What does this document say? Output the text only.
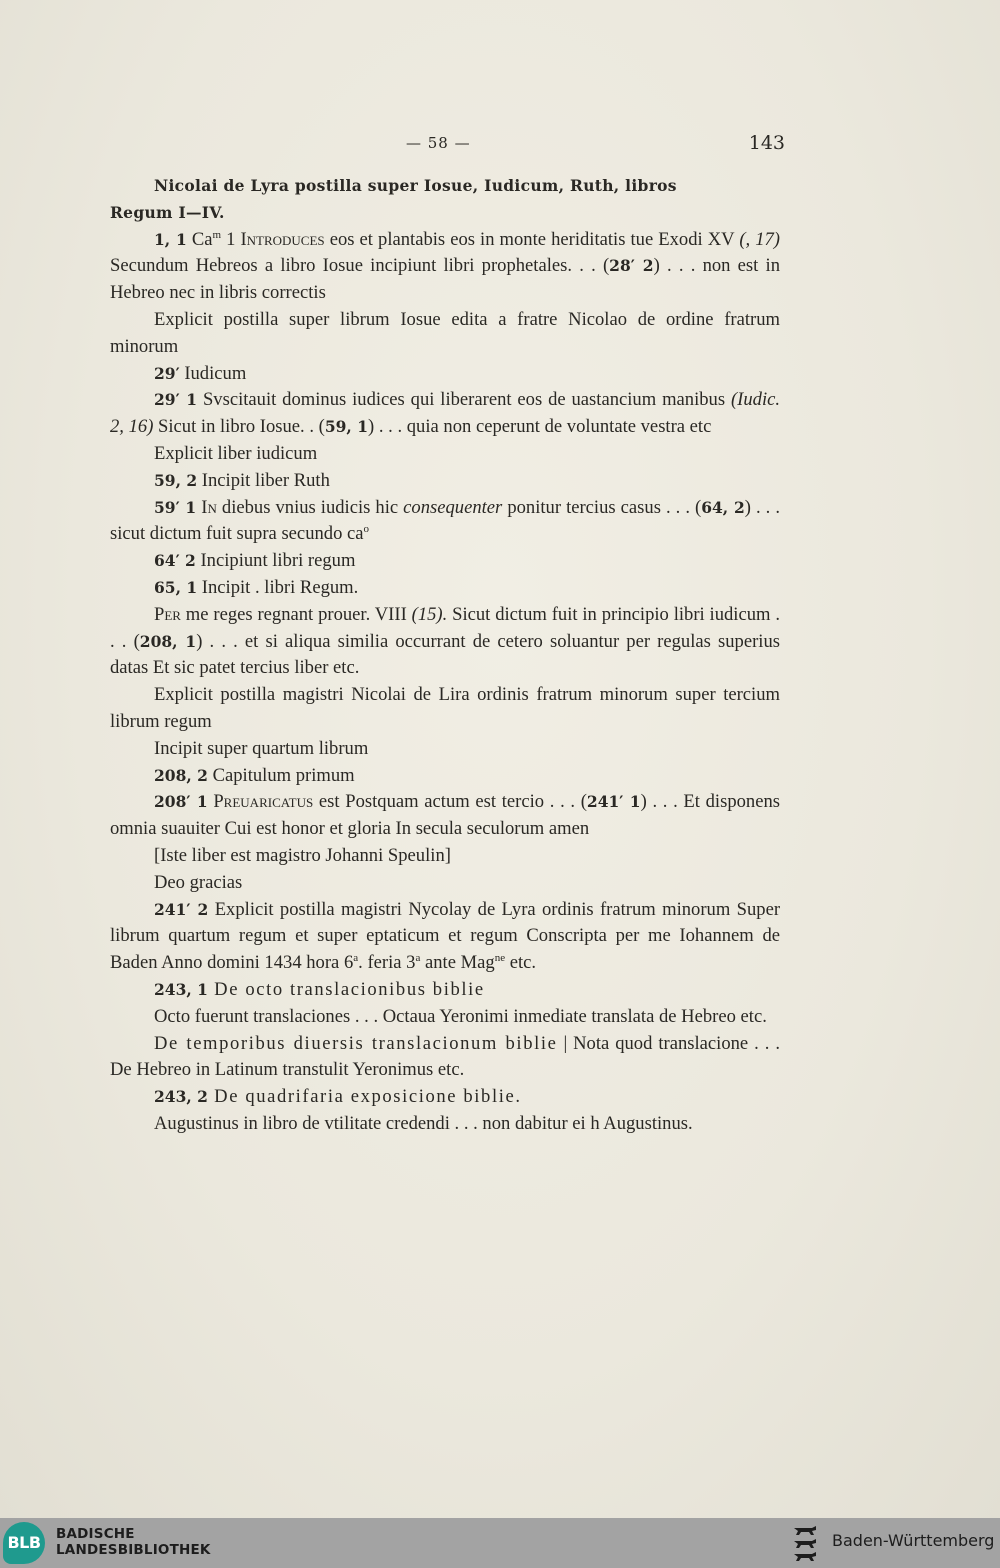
— 58 —	143

Nicolai de Lyra postilla super Iosue, Iudicum, Ruth, libros
Regum I—IV.

1, 1 Ca$^m$ 1 Introduces eos et plantabis eos in monte heriditatis tue Exodi XV (, 17) Secundum Hebreos a libro Iosue incipiunt libri prophetales. . . (28′ 2) . . . non est in Hebreo nec in libris correctis

Explicit postilla super librum Iosue edita a fratre Nicolao de ordine fratrum minorum

29′ Iudicum

29′ 1 Svscitauit dominus iudices qui liberarent eos de uastancium manibus (Iudic. 2, 16) Sicut in libro Iosue. . (59, 1) . . . quia non ceperunt de voluntate vestra etc

Explicit liber iudicum

59, 2 Incipit liber Ruth

59′ 1 In diebus vnius iudicis hic consequenter ponitur tercius casus . . . (64, 2) . . . sicut dictum fuit supra secundo $ca^o$

64′ 2 Incipiunt libri regum

65, 1 Incipit . libri Regum.

Per me reges regnant prouer. VIII (15). Sicut dictum fuit in principio libri iudicum . . . (208, 1) . . . et si aliqua similia occurrant de cetero soluantur per regulas superius datas Et sic patet tercius liber etc.

Explicit postilla magistri Nicolai de Lira ordinis fratrum minorum super tercium librum regum

Incipit super quartum librum

208, 2 Capitulum primum

208′ 1 Preuaricatus est Postquam actum est tercio . . . (241′ 1) . . . Et disponens omnia suauiter Cui est honor et gloria In secula seculorum amen

[Iste liber est magistro Johanni Speulin]

Deo gracias

241′ 2 Explicit postilla magistri Nycolay de Lyra ordinis fratrum minorum Super librum quartum regum et super eptaticum et regum Conscripta per me Iohannem de Baden Anno domini 1434 hora 6$^a$. feria 3$^a$ ante Mag$^{ne}$ etc.

243, 1 De octo translacionibus biblie

Octo fuerunt translaciones . . . Octaua Yeronimi inmediate translata de Hebreo etc.

De temporibus diuersis translacionum biblie | Nota quod translacione . . . De Hebreo in Latinum transtulit Yeronimus etc.

243, 2 De quadrifaria exposicione biblie.

Augustinus in libro de vtilitate credendi . . . non dabitur ei h Augustinus.

BLB	BADISCHE
LANDESBIBLIOTHEK	Baden-Württemberg
